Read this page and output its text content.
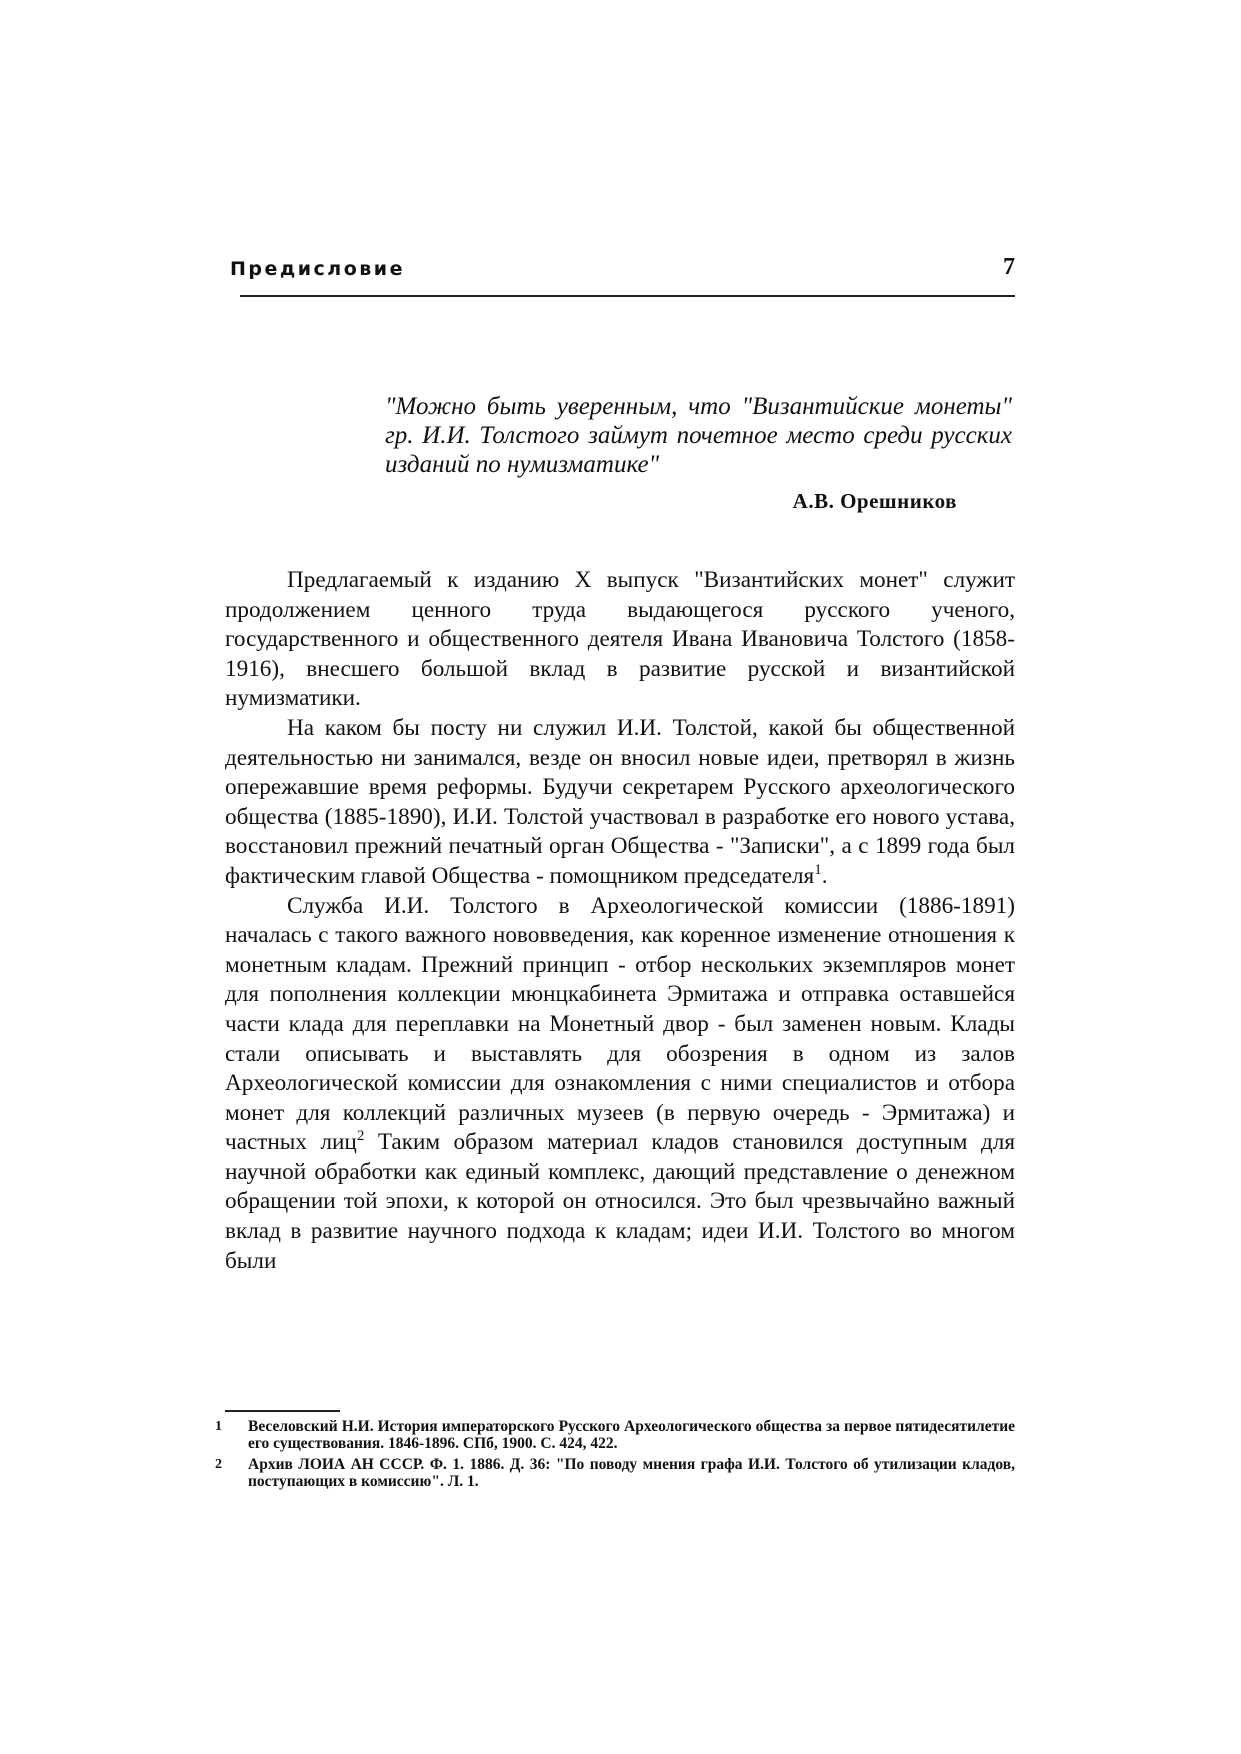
Предисловие	7

"Можно быть уверенным, что "Византийские монеты" гр. И.И. Толстого займут почетное место среди русских изданий по нумизматике"

А.В. Орешников

Предлагаемый к изданию X выпуск "Византийских монет" служит продолжением ценного труда выдающегося русского ученого, государственного и общественного деятеля Ивана Ивановича Толстого (1858-1916), внесшего большой вклад в развитие русской и византийской нумизматики.

На каком бы посту ни служил И.И. Толстой, какой бы общественной деятельностью ни занимался, везде он вносил новые идеи, претворял в жизнь опережавшие время реформы. Будучи секретарем Русского археологического общества (1885-1890), И.И. Толстой участвовал в разработке его нового устава, восстановил прежний печатный орган Общества - "Записки", а с 1899 года был фактическим главой Общества - помощником председателя$^1$.

Служба И.И. Толстого в Археологической комиссии (1886-1891) началась с такого важного нововведения, как коренное изменение отношения к монетным кладам. Прежний принцип - отбор нескольких экземпляров монет для пополнения коллекции мюнцкабинета Эрмитажа и отправка оставшейся части клада для переплавки на Монетный двор - был заменен новым. Клады стали описывать и выставлять для обозрения в одном из залов Археологической комиссии для ознакомления с ними специалистов и отбора монет для коллекций различных музеев (в первую очередь - Эрмитажа) и частных лиц$^2$ Таким образом материал кладов становился доступным для научной обработки как единый комплекс, дающий представление о денежном обращении той эпохи, к которой он относился. Это был чрезвычайно важный вклад в развитие научного подхода к кладам; идеи И.И. Толстого во многом были

1 Веселовский Н.И. История императорского Русского Археологического общества за первое пятидесятилетие его существования. 1846-1896. СПб, 1900. С. 424, 422.

2 Архив ЛОИА АН СССР. Ф. 1. 1886. Д. 36: "По поводу мнения графа И.И. Толстого об утилизации кладов, поступающих в комиссию". Л. 1.
